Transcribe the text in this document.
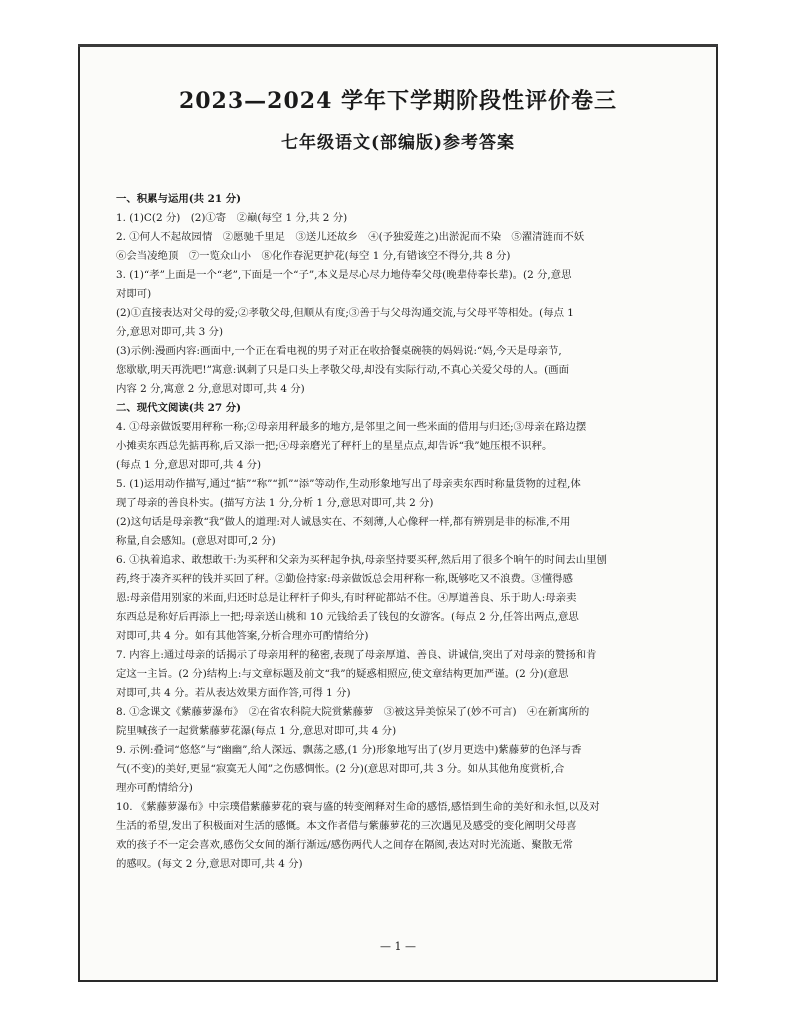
2023—2024 学年下学期阶段性评价卷三
七年级语文(部编版)参考答案
一、积累与运用(共 21 分)
1. (1)C(2 分)　(2)①寄　②巅(每空 1 分,共 2 分)
2. ①何人不起故园情　②愿驰千里足　③送儿还故乡　④(予独爱莲之)出淤泥而不染　⑤濯清涟而不妖
⑥会当凌绝顶　⑦一览众山小　⑧化作春泥更护花(每空 1 分,有错该空不得分,共 8 分)
3. (1)“孝”上面是一个“老”,下面是一个“子”,本义是尽心尽力地侍奉父母(晚辈侍奉长辈)。(2 分,意思
对即可)
(2)①直接表达对父母的爱;②孝敬父母,但顺从有度;③善于与父母沟通交流,与父母平等相处。(每点 1
分,意思对即可,共 3 分)
(3)示例:漫画内容:画面中,一个正在看电视的男子对正在收拾餐桌碗筷的妈妈说:“妈,今天是母亲节,
您歇歇,明天再洗吧!”寓意:讽刺了只是口头上孝敬父母,却没有实际行动,不真心关爱父母的人。(画面
内容 2 分,寓意 2 分,意思对即可,共 4 分)
二、现代文阅读(共 27 分)
4. ①母亲做饭要用秤称一称;②母亲用秤最多的地方,是邻里之间一些米面的借用与归还;③母亲在路边摆
小摊卖东西总先掂再称,后又添一把;④母亲磨光了秤杆上的星星点点,却告诉“我”她压根不识秤。
(每点 1 分,意思对即可,共 4 分)
5. (1)运用动作描写,通过“掂”“称”“抓”“添”等动作,生动形象地写出了母亲卖东西时称量货物的过程,体
现了母亲的善良朴实。(描写方法 1 分,分析 1 分,意思对即可,共 2 分)
(2)这句话是母亲教“我”做人的道理:对人诚恳实在、不刻薄,人心像秤一样,都有辨别是非的标准,不用
称量,自会感知。(意思对即可,2 分)
6. ①执着追求、敢想敢干:为买秤和父亲为买秤起争执,母亲坚持要买秤,然后用了很多个晌午的时间去山里刨
药,终于凑齐买秤的钱并买回了秤。②勤俭持家:母亲做饭总会用秤称一称,既够吃又不浪费。③懂得感
恩:母亲借用别家的米面,归还时总是让秤杆子仰头,有时秤砣都站不住。④厚道善良、乐于助人:母亲卖
东西总是称好后再添上一把;母亲送山桃和 10 元钱给丢了钱包的女游客。(每点 2 分,任答出两点,意思
对即可,共 4 分。如有其他答案,分析合理亦可酌情给分)
7. 内容上:通过母亲的话揭示了母亲用秤的秘密,表现了母亲厚道、善良、讲诚信,突出了对母亲的赞扬和肯
定这一主旨。(2 分)结构上:与文章标题及前文“我”的疑惑相照应,使文章结构更加严谨。(2 分)(意思
对即可,共 4 分。若从表达效果方面作答,可得 1 分)
8. ①念课文《紫藤萝瀑布》　②在省农科院大院赏紫藤萝　③被这异美惊呆了(妙不可言)　④在新寓所的
院里喊孩子一起赏紫藤萝花瀑(每点 1 分,意思对即可,共 4 分)
9. 示例:叠词“悠悠”与“幽幽”,给人深远、飘荡之感,(1 分)形象地写出了(岁月更迭中)紫藤萝的色泽与香
气(不变)的美好,更显“寂寞无人闻”之伤感惆怅。(2 分)(意思对即可,共 3 分。如从其他角度赏析,合
理亦可酌情给分)
10. 《紫藤萝瀑布》中宗璞借紫藤萝花的衰与盛的转变阐释对生命的感悟,感悟到生命的美好和永恒,以及对
生活的希望,发出了积极面对生活的感慨。本文作者借与紫藤萝花的三次遇见及感受的变化阐明父母喜
欢的孩子不一定会喜欢,感伤父女间的渐行渐远/感伤两代人之间存在隔阂,表达对时光流逝、聚散无常
的感叹。(每文 2 分,意思对即可,共 4 分)
— 1 —
